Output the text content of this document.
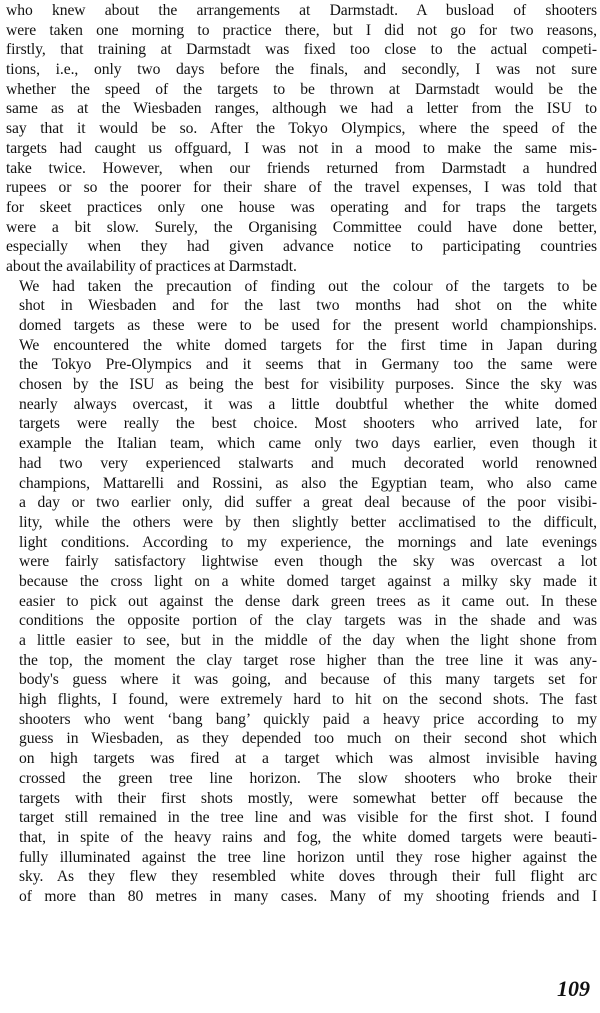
who knew about the arrangements at Darmstadt. A busload of shooters
were taken one morning to practice there, but I did not go for two reasons,
firstly, that training at Darmstadt was fixed too close to the actual competi-
tions, i.e., only two days before the finals, and secondly, I was not sure
whether the speed of the targets to be thrown at Darmstadt would be the
same as at the Wiesbaden ranges, although we had a letter from the ISU to
say that it would be so. After the Tokyo Olympics, where the speed of the
targets had caught us offguard, I was not in a mood to make the same mis-
take twice. However, when our friends returned from Darmstadt a hundred
rupees or so the poorer for their share of the travel expenses, I was told that
for skeet practices only one house was operating and for traps the targets
were a bit slow. Surely, the Organising Committee could have done better,
especially when they had given advance notice to participating countries
about the availability of practices at Darmstadt.

We had taken the precaution of finding out the colour of the targets to be
shot in Wiesbaden and for the last two months had shot on the white
domed targets as these were to be used for the present world championships.
We encountered the white domed targets for the first time in Japan during
the Tokyo Pre-Olympics and it seems that in Germany too the same were
chosen by the ISU as being the best for visibility purposes. Since the sky was
nearly always overcast, it was a little doubtful whether the white domed
targets were really the best choice. Most shooters who arrived late, for
example the Italian team, which came only two days earlier, even though it
had two very experienced stalwarts and much decorated world renowned
champions, Mattarelli and Rossini, as also the Egyptian team, who also came
a day or two earlier only, did suffer a great deal because of the poor visibi-
lity, while the others were by then slightly better acclimatised to the difficult,
light conditions. According to my experience, the mornings and late evenings
were fairly satisfactory lightwise even though the sky was overcast a lot
because the cross light on a white domed target against a milky sky made it
easier to pick out against the dense dark green trees as it came out. In these
conditions the opposite portion of the clay targets was in the shade and was
a little easier to see, but in the middle of the day when the light shone from
the top, the moment the clay target rose higher than the tree line it was any-
body's guess where it was going, and because of this many targets set for
high flights, I found, were extremely hard to hit on the second shots. The fast
shooters who went ‘bang bang’ quickly paid a heavy price according to my
guess in Wiesbaden, as they depended too much on their second shot which
on high targets was fired at a target which was almost invisible having
crossed the green tree line horizon. The slow shooters who broke their
targets with their first shots mostly, were somewhat better off because the
target still remained in the tree line and was visible for the first shot. I found
that, in spite of the heavy rains and fog, the white domed targets were beauti-
fully illuminated against the tree line horizon until they rose higher against the
sky. As they flew they resembled white doves through their full flight arc
of more than 80 metres in many cases. Many of my shooting friends and I

109
